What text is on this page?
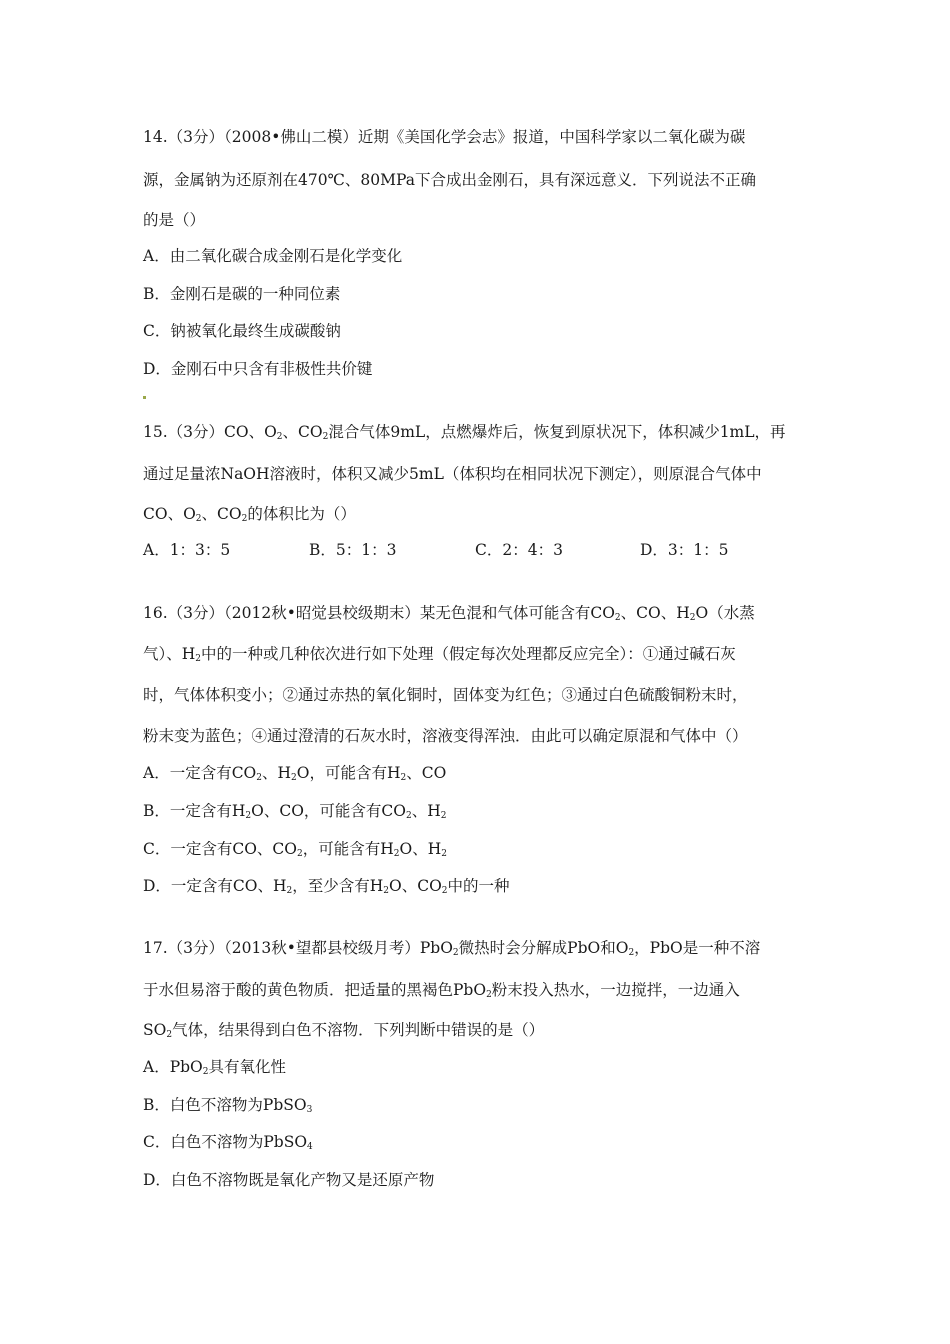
14.（3分）（2008•佛山二模）近期《美国化学会志》报道，中国科学家以二氧化碳为碳
源，金属钠为还原剂在470℃、80MPa下合成出金刚石，具有深远意义．下列说法不正确
的是（）
A．由二氧化碳合成金刚石是化学变化
B．金刚石是碳的一种同位素
C．钠被氧化最终生成碳酸钠
D．金刚石中只含有非极性共价键
15.（3分）CO、$O_2$、$CO_2$混合气体9mL，点燃爆炸后，恢复到原状况下，体积减少1mL，再
通过足量浓NaOH溶液时，体积又减少5mL（体积均在相同状况下测定），则原混合气体中
CO、$O_2$、$CO_2$的体积比为（）
A．1：3：5	B．5：1：3	C．2：4：3	D．3：1：5
16.（3分）（2012秋•昭觉县校级期末）某无色混和气体可能含有$CO_2$、CO、$H_2O$（水蒸
气）、$H_2$中的一种或几种依次进行如下处理（假定每次处理都反应完全）：①通过碱石灰
时，气体体积变小；②通过赤热的氧化铜时，固体变为红色；③通过白色硫酸铜粉末时，
粉末变为蓝色；④通过澄清的石灰水时，溶液变得浑浊．由此可以确定原混和气体中（）
A．一定含有$CO_2$、$H_2O$，可能含有$H_2$、CO
B．一定含有$H_2O$、CO，可能含有$CO_2$、$H_2$
C．一定含有CO、$CO_2$，可能含有$H_2O$、$H_2$
D．一定含有CO、$H_2$，至少含有$H_2O$、$CO_2$中的一种
17.（3分）（2013秋•望都县校级月考）PbO$_2$微热时会分解成PbO和$O_2$，PbO是一种不溶
于水但易溶于酸的黄色物质．把适量的黑褐色PbO$_2$粉末投入热水，一边搅拌，一边通入
$SO_2$气体，结果得到白色不溶物．下列判断中错误的是（）
A．PbO$_2$具有氧化性
B．白色不溶物为PbSO$_3$
C．白色不溶物为PbSO$_4$
D．白色不溶物既是氧化产物又是还原产物
